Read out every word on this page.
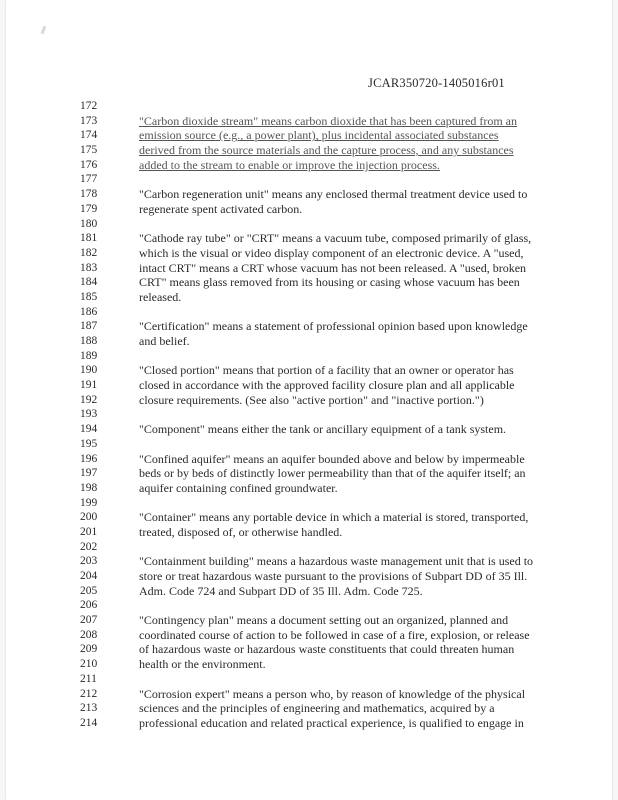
JCAR350720-1405016r01
172
173	"Carbon dioxide stream" means carbon dioxide that has been captured from an
174	emission source (e.g., a power plant), plus incidental associated substances
175	derived from the source materials and the capture process, and any substances
176	added to the stream to enable or improve the injection process.
177
178	"Carbon regeneration unit" means any enclosed thermal treatment device used to
179	regenerate spent activated carbon.
180
181	"Cathode ray tube" or "CRT" means a vacuum tube, composed primarily of glass,
182	which is the visual or video display component of an electronic device. A "used,
183	intact CRT" means a CRT whose vacuum has not been released. A "used, broken
184	CRT" means glass removed from its housing or casing whose vacuum has been
185	released.
186
187	"Certification" means a statement of professional opinion based upon knowledge
188	and belief.
189
190	"Closed portion" means that portion of a facility that an owner or operator has
191	closed in accordance with the approved facility closure plan and all applicable
192	closure requirements. (See also "active portion" and "inactive portion.")
193
194	"Component" means either the tank or ancillary equipment of a tank system.
195
196	"Confined aquifer" means an aquifer bounded above and below by impermeable
197	beds or by beds of distinctly lower permeability than that of the aquifer itself; an
198	aquifer containing confined groundwater.
199
200	"Container" means any portable device in which a material is stored, transported,
201	treated, disposed of, or otherwise handled.
202
203	"Containment building" means a hazardous waste management unit that is used to
204	store or treat hazardous waste pursuant to the provisions of Subpart DD of 35 Ill.
205	Adm. Code 724 and Subpart DD of 35 Ill. Adm. Code 725.
206
207	"Contingency plan" means a document setting out an organized, planned and
208	coordinated course of action to be followed in case of a fire, explosion, or release
209	of hazardous waste or hazardous waste constituents that could threaten human
210	health or the environment.
211
212	"Corrosion expert" means a person who, by reason of knowledge of the physical
213	sciences and the principles of engineering and mathematics, acquired by a
214	professional education and related practical experience, is qualified to engage in
